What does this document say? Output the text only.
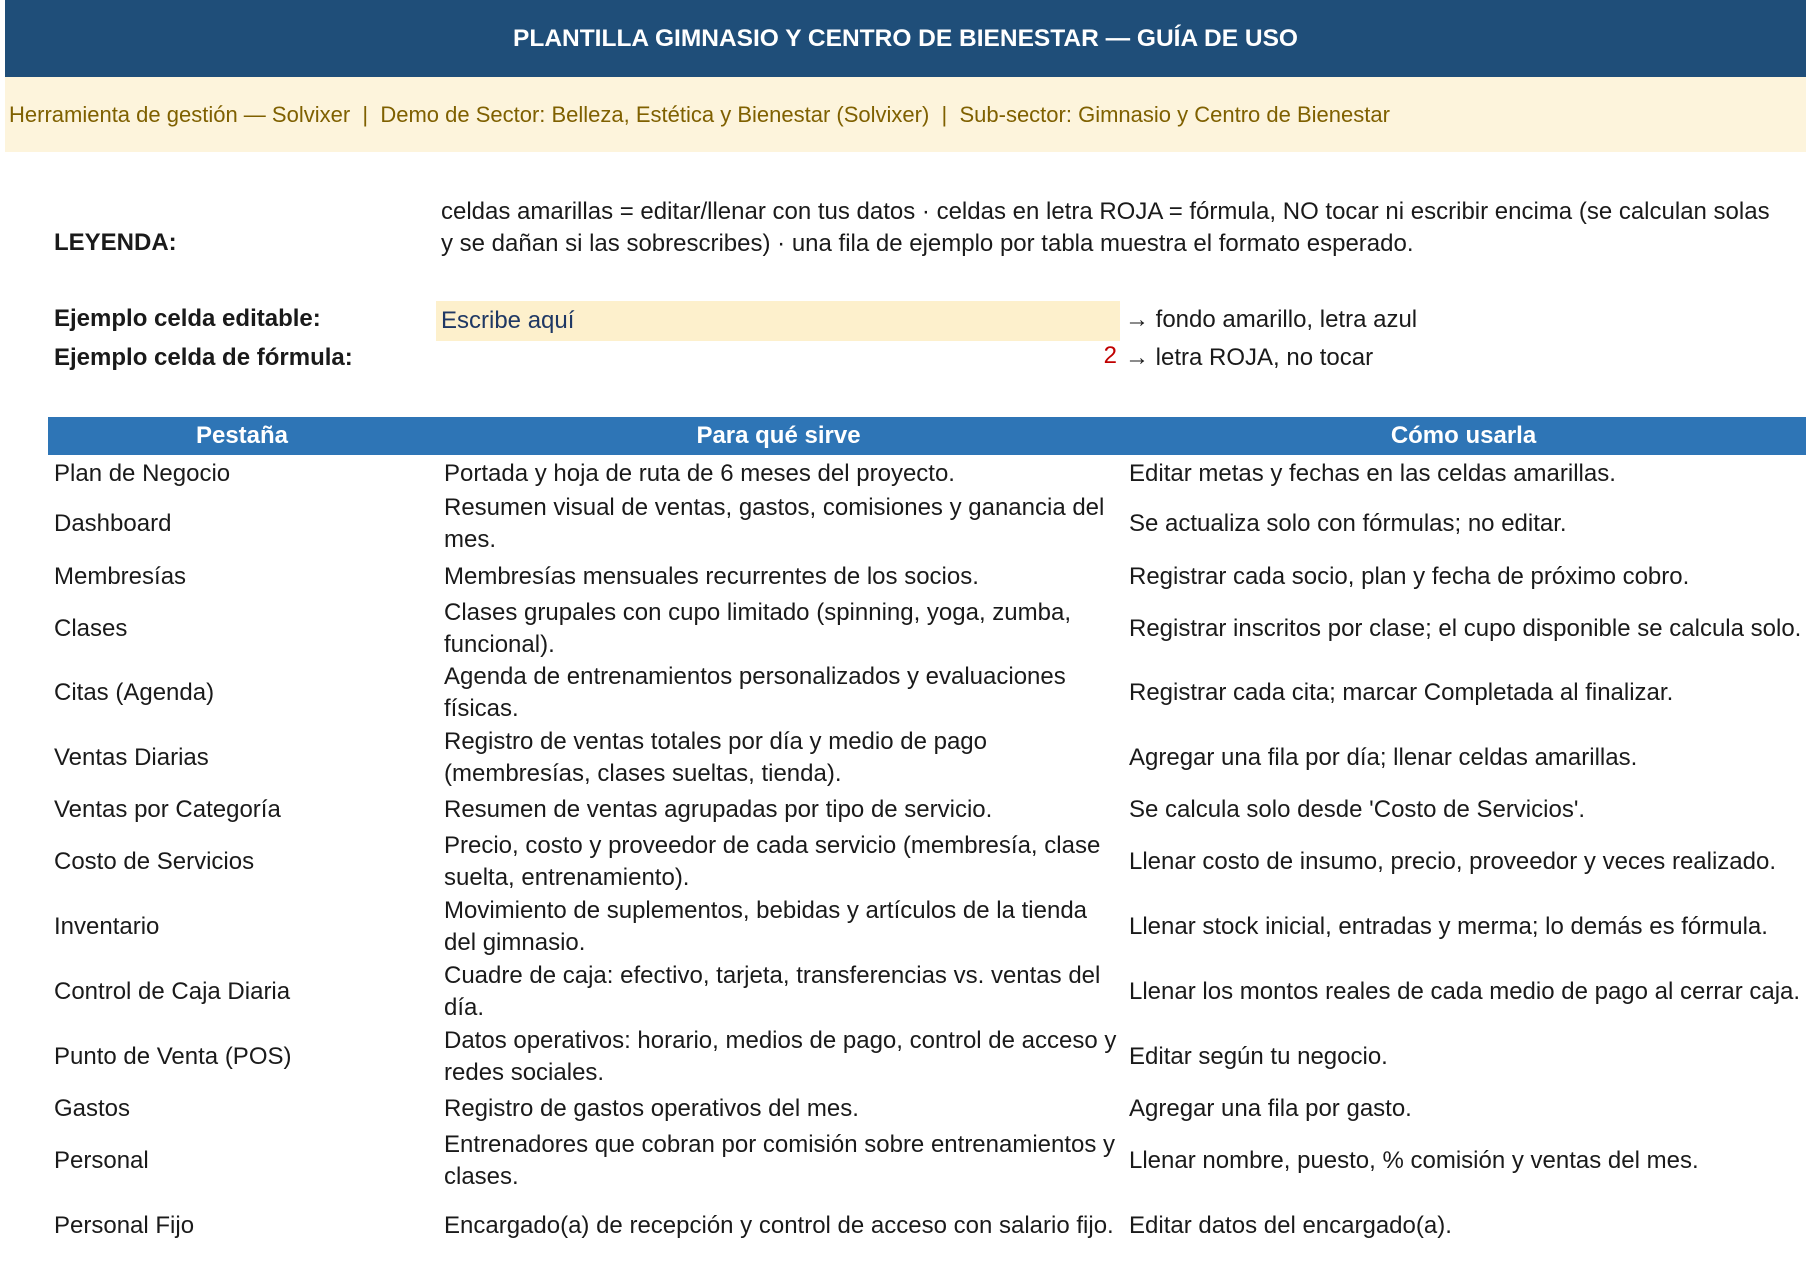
PLANTILLA GIMNASIO Y CENTRO DE BIENESTAR — GUÍA DE USO
Herramienta de gestión — Solvixer  |  Demo de Sector: Belleza, Estética y Bienestar (Solvixer)  |  Sub-sector: Gimnasio y Centro de Bienestar
LEYENDA:
celdas amarillas = editar/llenar con tus datos · celdas en letra ROJA = fórmula, NO tocar ni escribir encima (se calculan solas y se dañan si las sobrescribes) · una fila de ejemplo por tabla muestra el formato esperado.
Ejemplo celda editable:	Escribe aquí	→ fondo amarillo, letra azul
Ejemplo celda de fórmula:	2 → letra ROJA, no tocar
Pestaña	Para qué sirve	Cómo usarla
Plan de Negocio	Portada y hoja de ruta de 6 meses del proyecto.	Editar metas y fechas en las celdas amarillas.
Dashboard	Resumen visual de ventas, gastos, comisiones y ganancia del mes.	Se actualiza solo con fórmulas; no editar.
Membresías	Membresías mensuales recurrentes de los socios.	Registrar cada socio, plan y fecha de próximo cobro.
Clases	Clases grupales con cupo limitado (spinning, yoga, zumba, funcional).	Registrar inscritos por clase; el cupo disponible se calcula solo.
Citas (Agenda)	Agenda de entrenamientos personalizados y evaluaciones físicas.	Registrar cada cita; marcar Completada al finalizar.
Ventas Diarias	Registro de ventas totales por día y medio de pago (membresías, clases sueltas, tienda).	Agregar una fila por día; llenar celdas amarillas.
Ventas por Categoría	Resumen de ventas agrupadas por tipo de servicio.	Se calcula solo desde 'Costo de Servicios'.
Costo de Servicios	Precio, costo y proveedor de cada servicio (membresía, clase suelta, entrenamiento).	Llenar costo de insumo, precio, proveedor y veces realizado.
Inventario	Movimiento de suplementos, bebidas y artículos de la tienda del gimnasio.	Llenar stock inicial, entradas y merma; lo demás es fórmula.
Control de Caja Diaria	Cuadre de caja: efectivo, tarjeta, transferencias vs. ventas del día.	Llenar los montos reales de cada medio de pago al cerrar caja.
Punto de Venta (POS)	Datos operativos: horario, medios de pago, control de acceso y redes sociales.	Editar según tu negocio.
Gastos	Registro de gastos operativos del mes.	Agregar una fila por gasto.
Personal	Entrenadores que cobran por comisión sobre entrenamientos y clases.	Llenar nombre, puesto, % comisión y ventas del mes.
Personal Fijo	Encargado(a) de recepción y control de acceso con salario fijo.	Editar datos del encargado(a).
